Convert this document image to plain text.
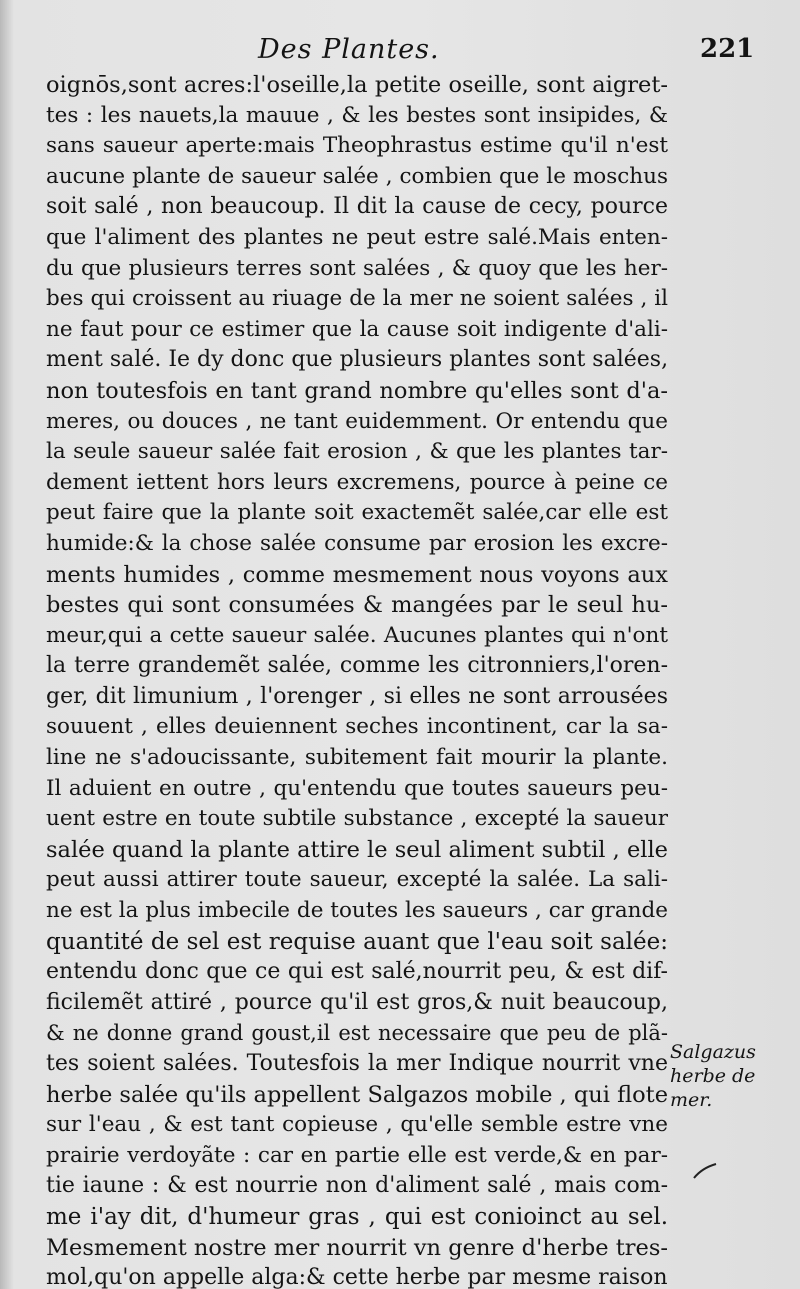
Des Plantes.	221
oignōs,sont acres:l'oseille,la petite oseille, sont aigret-
tes : les nauets,la mauue , & les bestes sont insipides, &
sans saueur aperte:mais Theophrastus estime qu'il n'est
aucune plante de saueur salée , combien que le moschus
soit salé , non beaucoup. Il dit la cause de cecy, pource
que l'aliment des plantes ne peut estre salé.Mais enten-
du que plusieurs terres sont salées , & quoy que les her-
bes qui croissent au riuage de la mer ne soient salées , il
ne faut pour ce estimer que la cause soit indigente d'ali-
ment salé. Ie dy donc que plusieurs plantes sont salées,
non toutesfois en tant grand nombre qu'elles sont d'a-
meres, ou douces , ne tant euidemment. Or entendu que
la seule saueur salée fait erosion , & que les plantes tar-
dement iettent hors leurs excremens, pource à peine ce
peut faire que la plante soit exactemẽt salée,car elle est
humide:& la chose salée consume par erosion les excre-
ments humides , comme mesmement nous voyons aux
bestes qui sont consumées & mangées par le seul hu-
meur,qui a cette saueur salée. Aucunes plantes qui n'ont
la terre grandemẽt salée, comme les citronniers,l'oren-
ger, dit limunium , l'orenger , si elles ne sont arrousées
souuent , elles deuiennent seches incontinent, car la sa-
line ne s'adoucissante, subitement fait mourir la plante.
Il aduient en outre , qu'entendu que toutes saueurs peu-
uent estre en toute subtile substance , excepté la saueur
salée quand la plante attire le seul aliment subtil , elle
peut aussi attirer toute saueur, excepté la salée. La sali-
ne est la plus imbecile de toutes les saueurs , car grande
quantité de sel est requise auant que l'eau soit salée:
entendu donc que ce qui est salé,nourrit peu, & est dif-
ficilemẽt attiré , pource qu'il est gros,& nuit beaucoup,
& ne donne grand goust,il est necessaire que peu de plã-
tes soient salées. Toutesfois la mer Indique nourrit vne
herbe salée qu'ils appellent Salgazos mobile , qui flote
sur l'eau , & est tant copieuse , qu'elle semble estre vne
prairie verdoyãte : car en partie elle est verde,& en par-
tie iaune : & est nourrie non d'aliment salé , mais com-
me i'ay dit, d'humeur gras , qui est conioinct au sel.
Mesmement nostre mer nourrit vn genre d'herbe tres-
mol,qu'on appelle alga:& cette herbe par mesme raison
Salgazus
herbe de
mer.
